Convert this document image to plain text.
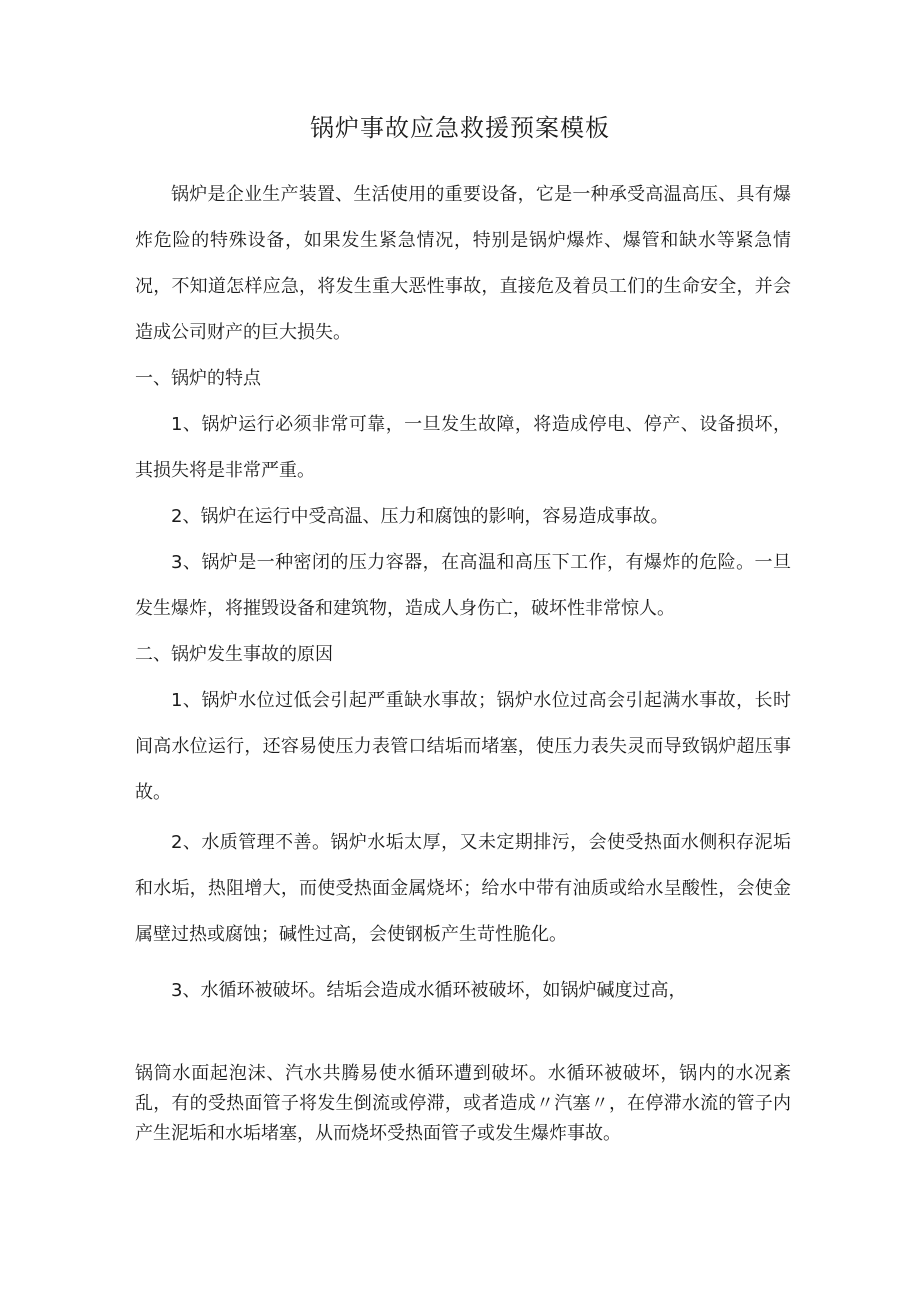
锅炉事故应急救援预案模板

锅炉是企业生产装置、生活使用的重要设备，它是一种承受高温高压、具有爆炸危险的特殊设备，如果发生紧急情况，特别是锅炉爆炸、爆管和缺水等紧急情况，不知道怎样应急，将发生重大恶性事故，直接危及着员工们的生命安全，并会造成公司财产的巨大损失。

一、锅炉的特点

1、锅炉运行必须非常可靠，一旦发生故障，将造成停电、停产、设备损坏，其损失将是非常严重。

2、锅炉在运行中受高温、压力和腐蚀的影响，容易造成事故。

3、锅炉是一种密闭的压力容器，在高温和高压下工作，有爆炸的危险。一旦发生爆炸，将摧毁设备和建筑物，造成人身伤亡，破坏性非常惊人。

二、锅炉发生事故的原因

1、锅炉水位过低会引起严重缺水事故；锅炉水位过高会引起满水事故，长时间高水位运行，还容易使压力表管口结垢而堵塞，使压力表失灵而导致锅炉超压事故。

2、水质管理不善。锅炉水垢太厚，又未定期排污，会使受热面水侧积存泥垢和水垢，热阻增大，而使受热面金属烧坏；给水中带有油质或给水呈酸性，会使金属壁过热或腐蚀；碱性过高，会使钢板产生苛性脆化。

3、水循环被破坏。结垢会造成水循环被破坏，如锅炉碱度过高，

锅筒水面起泡沫、汽水共腾易使水循环遭到破坏。水循环被破坏，锅内的水况紊乱，有的受热面管子将发生倒流或停滞，或者造成〃汽塞〃，在停滞水流的管子内产生泥垢和水垢堵塞，从而烧坏受热面管子或发生爆炸事故。
